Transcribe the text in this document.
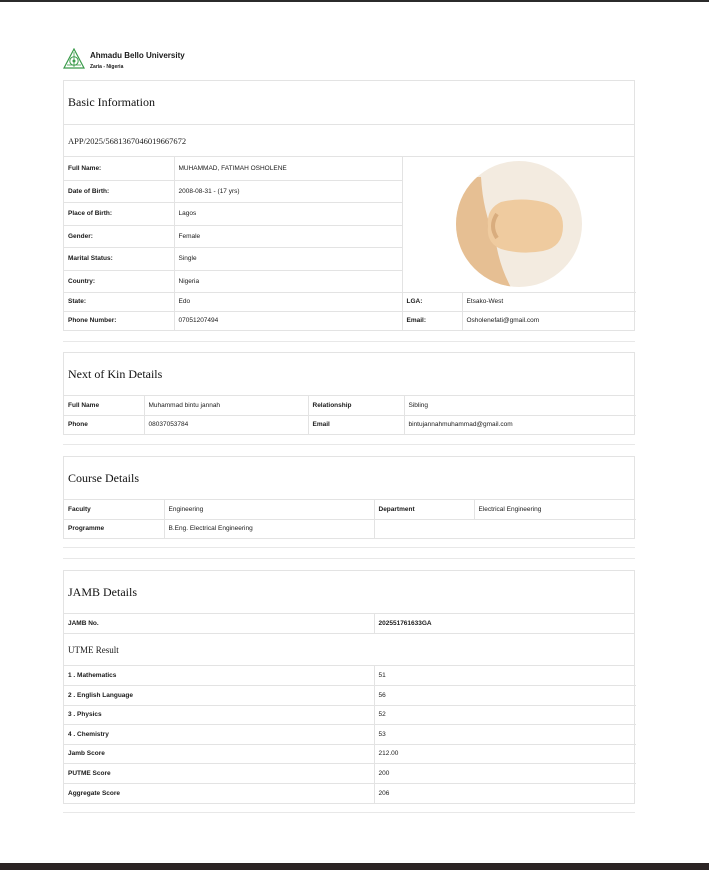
Ahmadu Bello University
Zaria - Nigeria
Basic Information
APP/2025/5681367046019667672
Full Name:	MUHAMMAD, FATIMAH OSHOLENE	

Date of Birth:	2008-08-31 - (17 yrs)		
Place of Birth:	Lagos		
Gender:	Female		
Marital Status:	Single		
Country:	Nigeria		
State:	Edo	LGA:	Etsako-West
Phone Number:	07051207494	Email:	Osholenefati@gmail.com
Next of Kin Details
Full Name	Muhammad bintu jannah	Relationship	Sibling
Phone	08037053784	Email	bintujannahmuhammad@gmail.com
Course Details
Faculty	Engineering	Department	Electrical Engineering
Programme	B.Eng. Electrical Engineering		
JAMB Details
JAMB No.	202551761633GA
UTME Result
1 . Mathematics	51
2 . English Language	56
3 . Physics	52
4 . Chemistry	53
Jamb Score	212.00
PUTME Score	200
Aggregate Score	206
